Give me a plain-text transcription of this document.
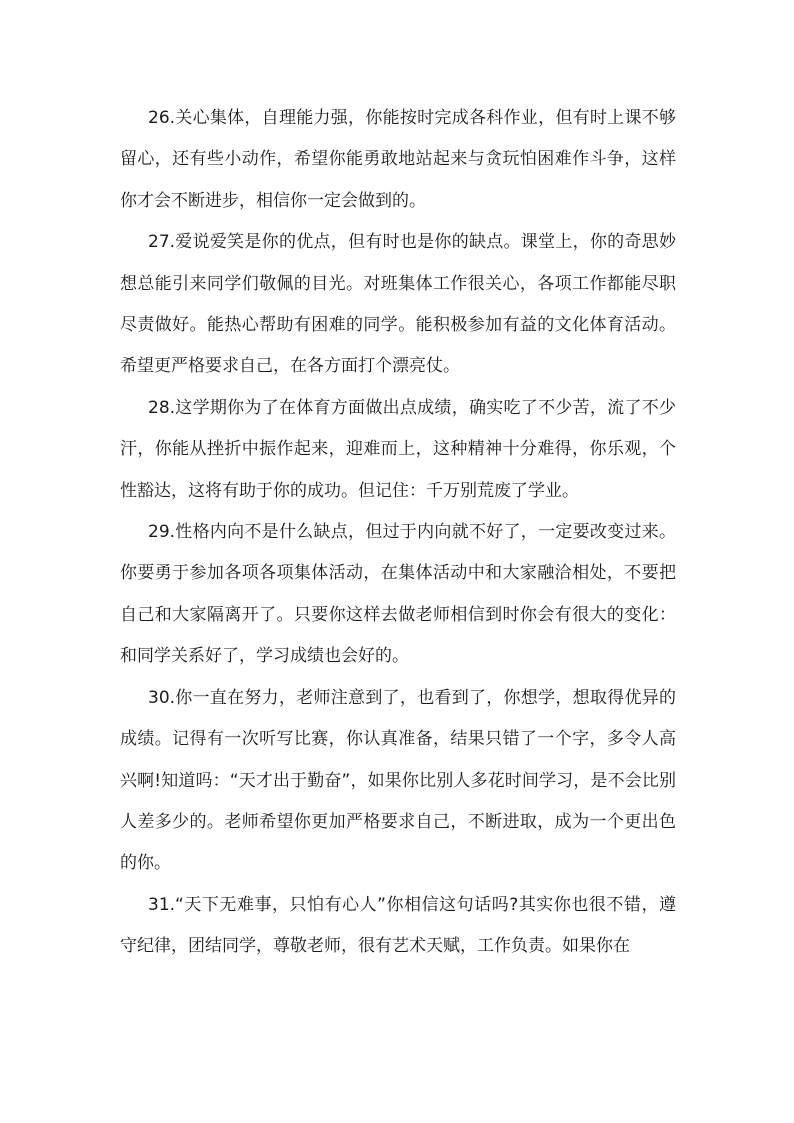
26.关心集体，自理能力强，你能按时完成各科作业，但有时上课不够留心，还有些小动作，希望你能勇敢地站起来与贪玩怕困难作斗争，这样你才会不断进步，相信你一定会做到的。

27.爱说爱笑是你的优点，但有时也是你的缺点。课堂上，你的奇思妙想总能引来同学们敬佩的目光。对班集体工作很关心，各项工作都能尽职尽责做好。能热心帮助有困难的同学。能积极参加有益的文化体育活动。希望更严格要求自己，在各方面打个漂亮仗。

28.这学期你为了在体育方面做出点成绩，确实吃了不少苦，流了不少汗，你能从挫折中振作起来，迎难而上，这种精神十分难得，你乐观，个性豁达，这将有助于你的成功。但记住：千万别荒废了学业。

29.性格内向不是什么缺点，但过于内向就不好了，一定要改变过来。你要勇于参加各项各项集体活动，在集体活动中和大家融洽相处，不要把自己和大家隔离开了。只要你这样去做老师相信到时你会有很大的变化：和同学关系好了，学习成绩也会好的。

30.你一直在努力，老师注意到了，也看到了，你想学，想取得优异的成绩。记得有一次听写比赛，你认真准备，结果只错了一个字，多令人高兴啊!知道吗：“天才出于勤奋”，如果你比别人多花时间学习，是不会比别人差多少的。老师希望你更加严格要求自己，不断进取，成为一个更出色的你。

31.“天下无难事，只怕有心人”你相信这句话吗?其实你也很不错，遵守纪律，团结同学，尊敬老师，很有艺术天赋，工作负责。如果你在
